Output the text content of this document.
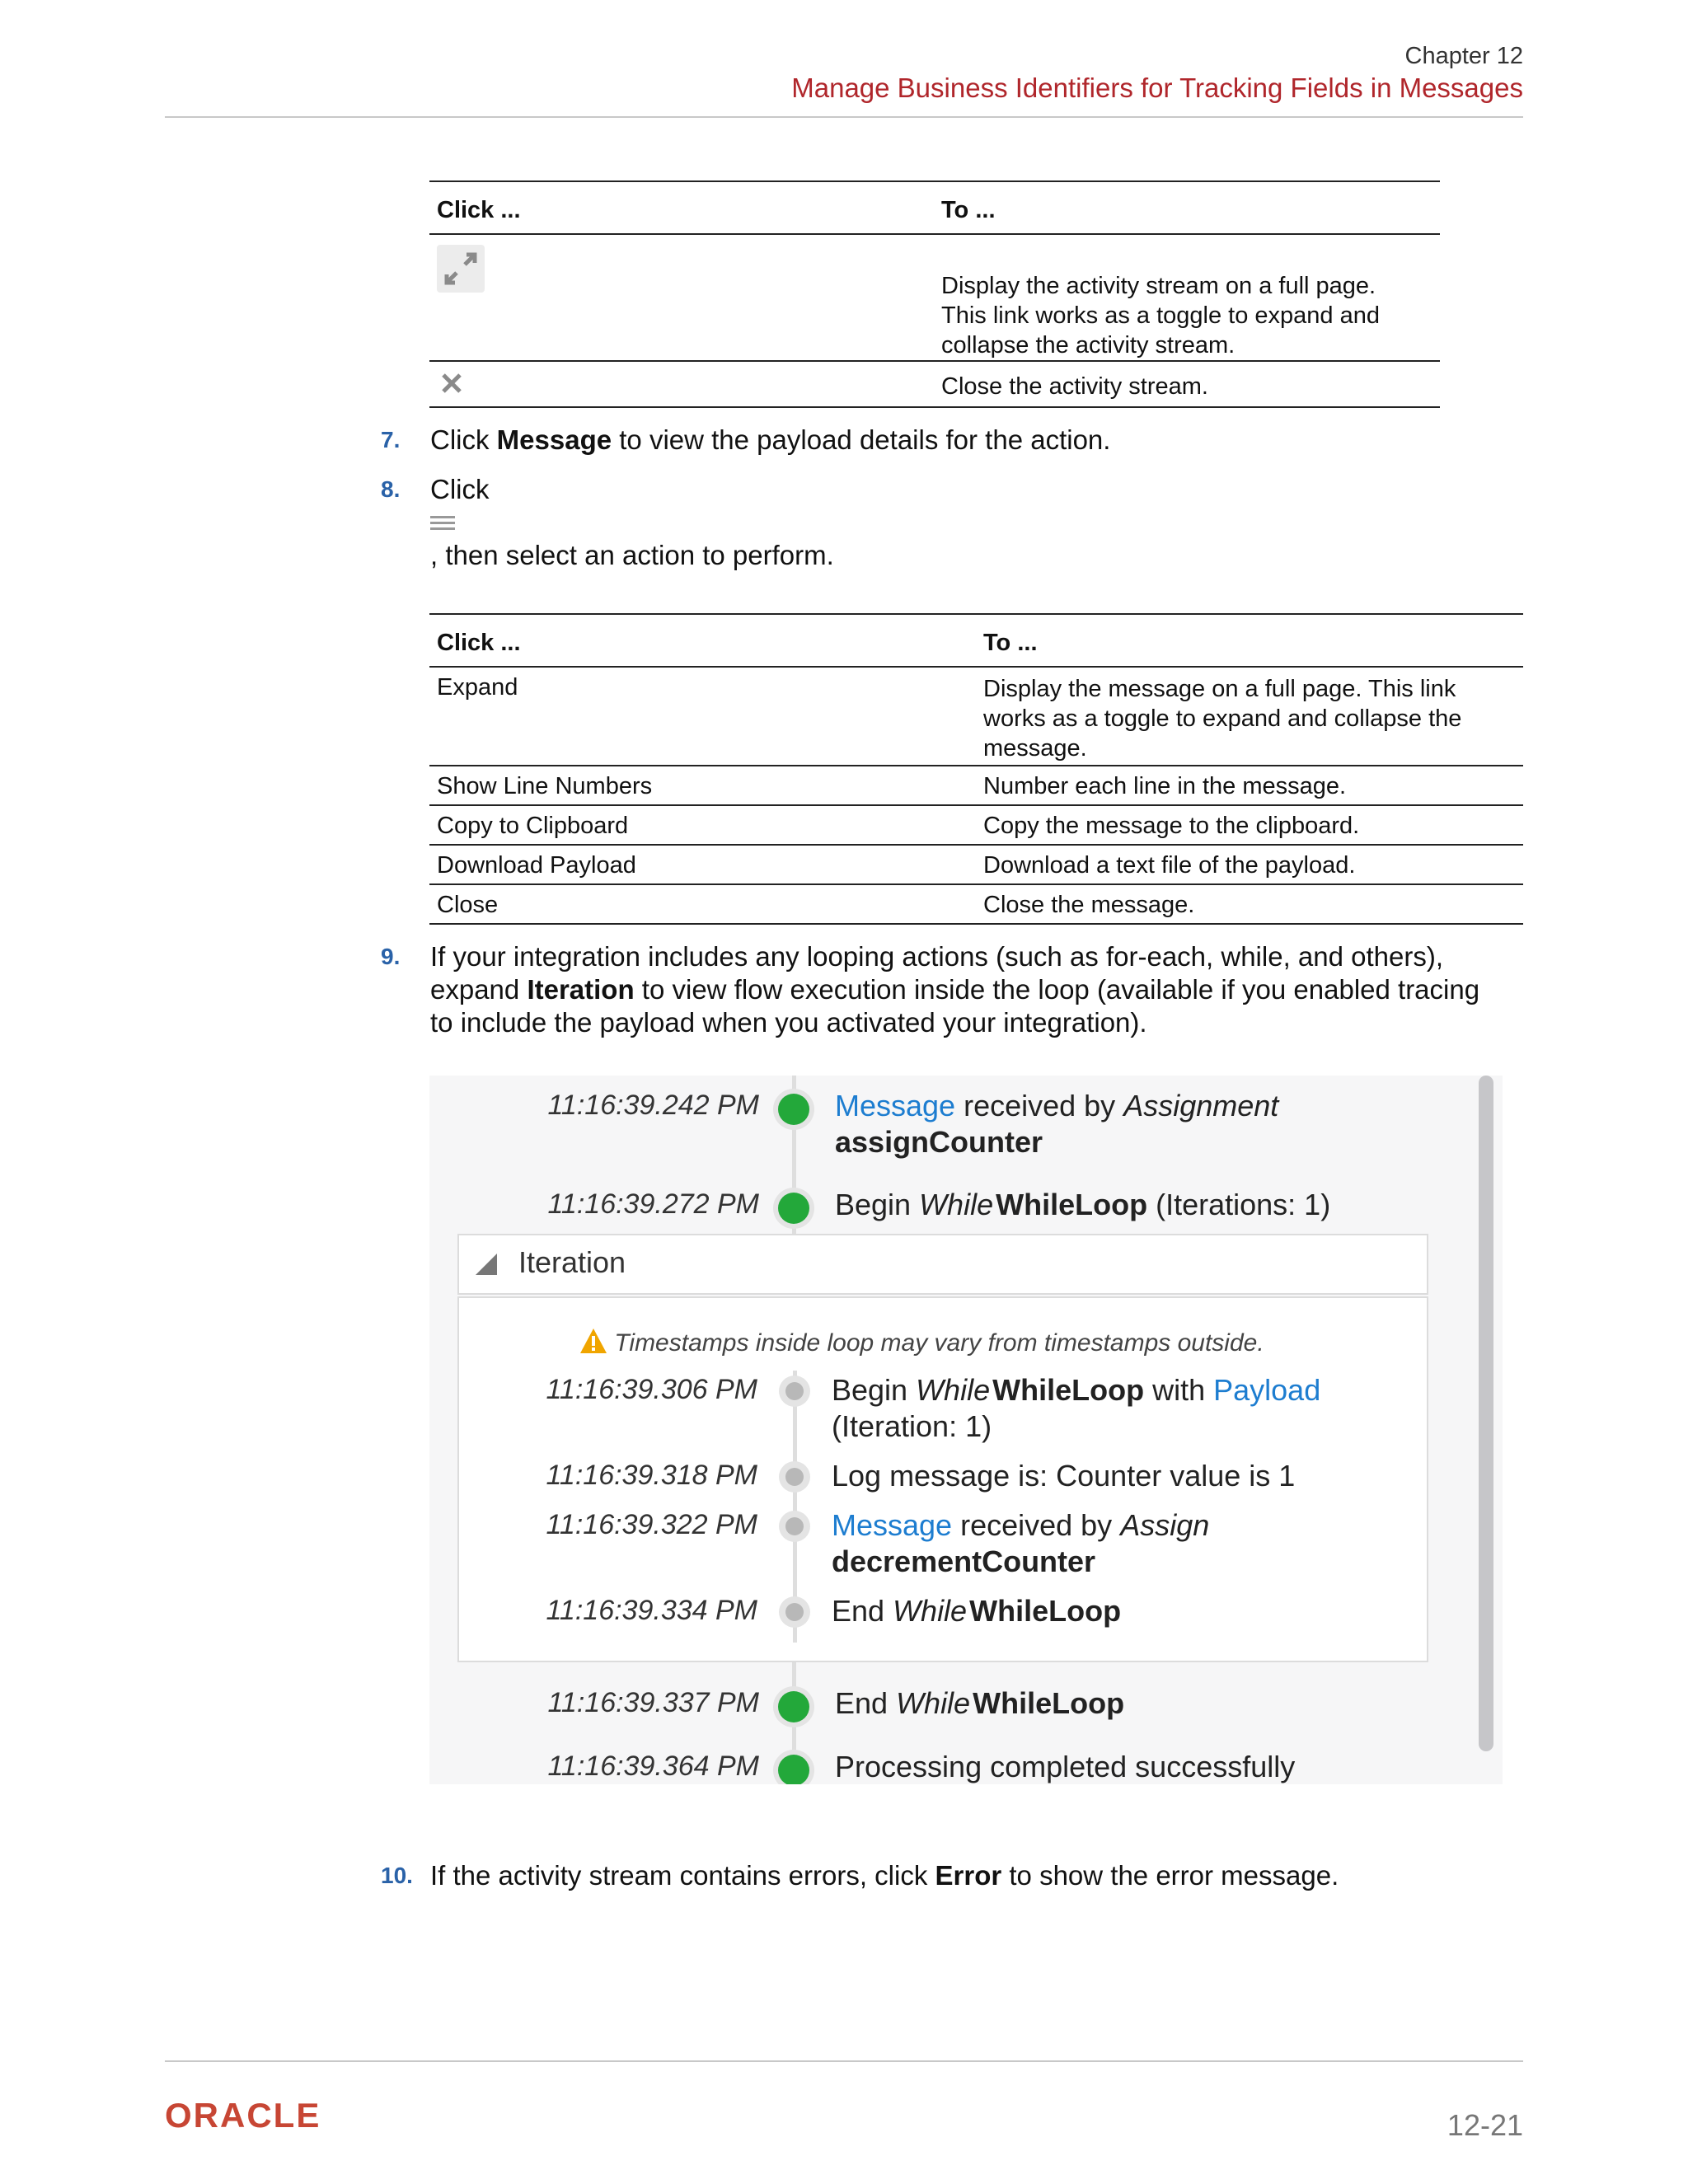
Chapter 12
Manage Business Identifiers for Tracking Fields in Messages
Click ...	To ...
	Display the activity stream on a full page. This link works as a toggle to expand and collapse the activity stream.
	Close the activity stream.
7. Click Message to view the payload details for the action.
8. Click
, then select an action to perform.
Click ...	To ...
Expand	Display the message on a full page. This link works as a toggle to expand and collapse the message.
Show Line Numbers	Number each line in the message.
Copy to Clipboard	Copy the message to the clipboard.
Download Payload	Download a text file of the payload.
Close	Close the message.
9. If your integration includes any looping actions (such as for-each, while, and others), expand Iteration to view flow execution inside the loop (available if you enabled tracing to include the payload when you activated your integration).
11:16:39.242 PM	Message received by Assignment
assignCounter
11:16:39.272 PM	Begin While WhileLoop (Iterations: 1)
Iteration
Timestamps inside loop may vary from timestamps outside.
11:16:39.306 PM	Begin While WhileLoop with Payload
(Iteration: 1)
11:16:39.318 PM	Log message is: Counter value is 1
11:16:39.322 PM	Message received by Assign
decrementCounter
11:16:39.334 PM	End While WhileLoop
11:16:39.337 PM	End While WhileLoop
11:16:39.364 PM	Processing completed successfully
10. If the activity stream contains errors, click Error to show the error message.
ORACLE	12-21
